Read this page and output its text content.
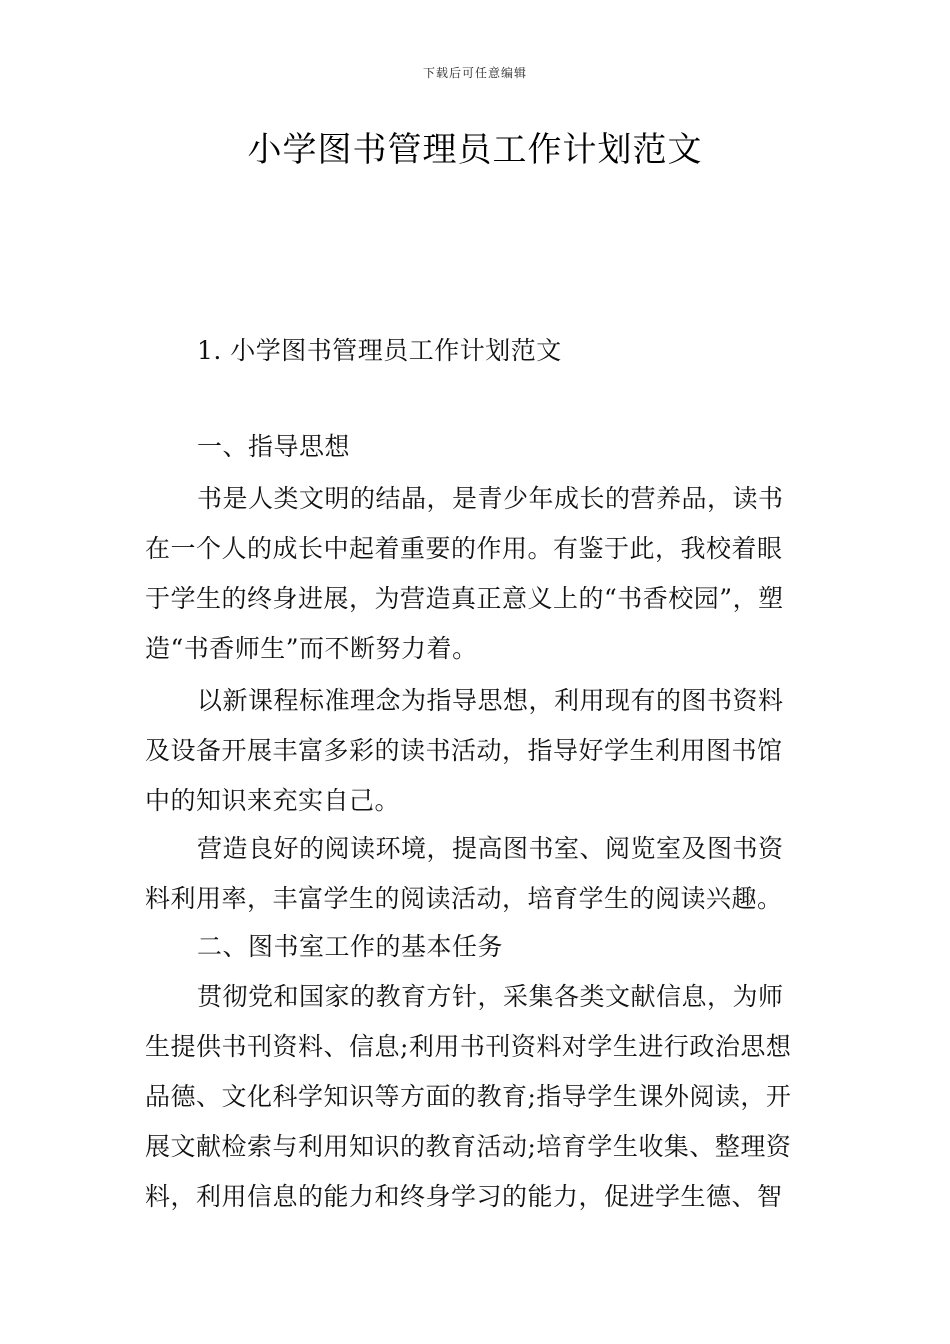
下载后可任意编辑
小学图书管理员工作计划范文

1. 小学图书管理员工作计划范文

一、指导思想

书是人类文明的结晶，是青少年成长的营养品，读书在一个人的成长中起着重要的作用。有鉴于此，我校着眼于学生的终身进展，为营造真正意义上的“书香校园”，塑造“书香师生”而不断努力着。

以新课程标准理念为指导思想，利用现有的图书资料及设备开展丰富多彩的读书活动，指导好学生利用图书馆中的知识来充实自己。

营造良好的阅读环境，提高图书室、阅览室及图书资料利用率，丰富学生的阅读活动，培育学生的阅读兴趣。

二、图书室工作的基本任务

贯彻党和国家的教育方针，采集各类文献信息，为师生提供书刊资料、信息;利用书刊资料对学生进行政治思想品德、文化科学知识等方面的教育;指导学生课外阅读，开展文献检索与利用知识的教育活动;培育学生收集、整理资料，利用信息的能力和终身学习的能力，促进学生德、智
